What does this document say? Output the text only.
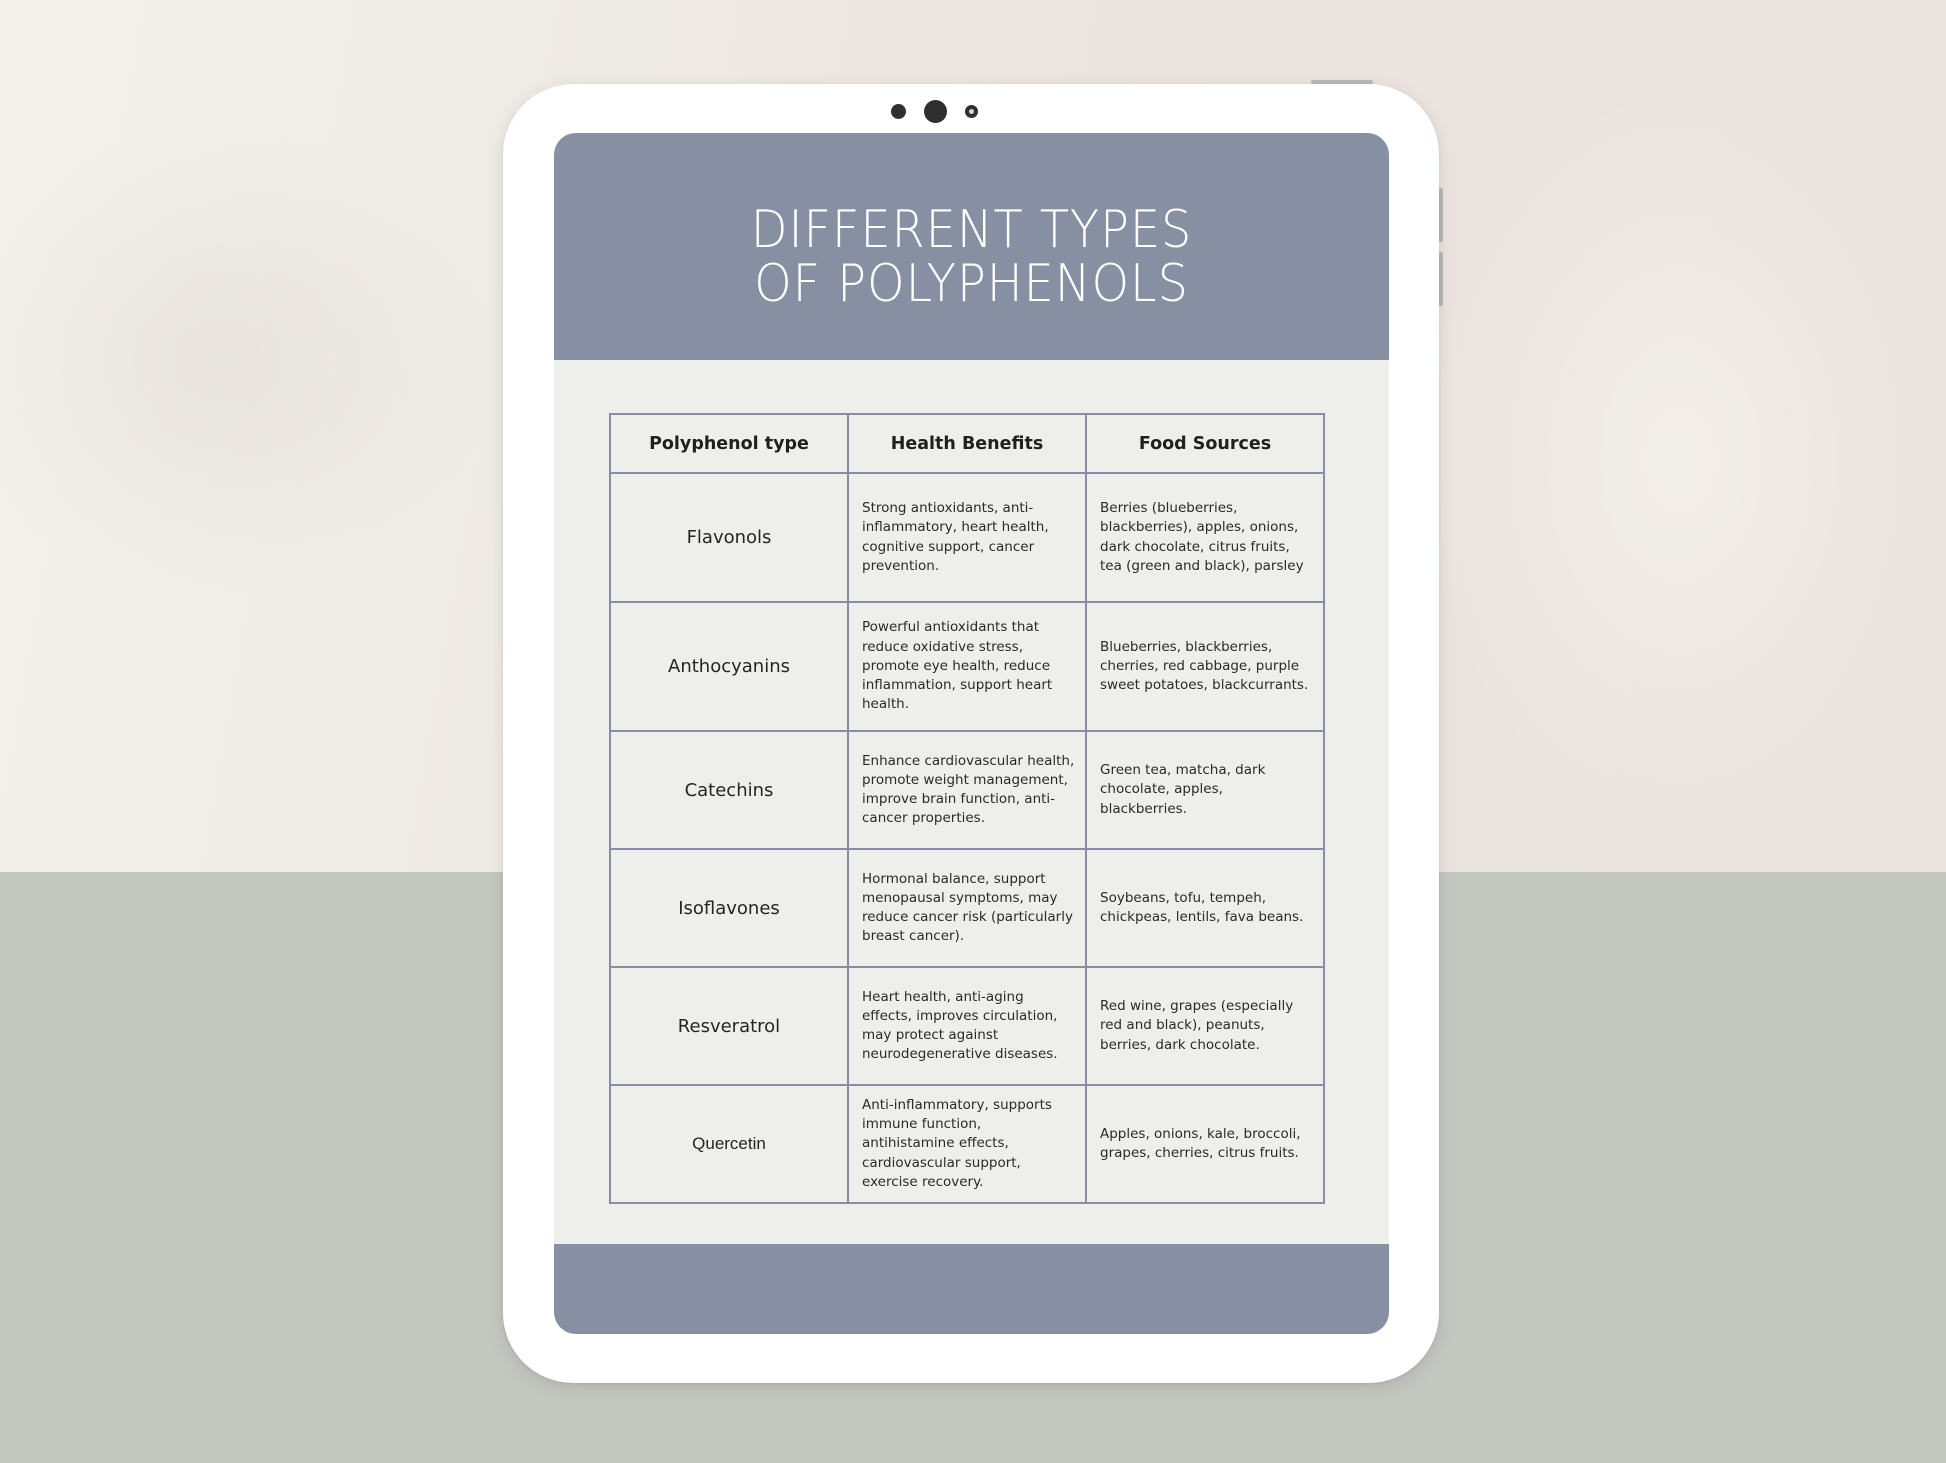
DIFFERENT TYPES
OF POLYPHENOLS
Polyphenol type	Health Benefits	Food Sources
Flavonols	Strong antioxidants, anti-inflammatory, heart health, cognitive support, cancer prevention.	Berries (blueberries, blackberries), apples, onions, dark chocolate, citrus fruits, tea (green and black), parsley
Anthocyanins	Powerful antioxidants that reduce oxidative stress, promote eye health, reduce inflammation, support heart health.	Blueberries, blackberries, cherries, red cabbage, purple sweet potatoes, blackcurrants.
Catechins	Enhance cardiovascular health, promote weight management, improve brain function, anti-cancer properties.	Green tea, matcha, dark chocolate, apples, blackberries.
Isoflavones	Hormonal balance, support menopausal symptoms, may reduce cancer risk (particularly breast cancer).	Soybeans, tofu, tempeh, chickpeas, lentils, fava beans.
Resveratrol	Heart health, anti-aging effects, improves circulation, may protect against neurodegenerative diseases.	Red wine, grapes (especially red and black), peanuts, berries, dark chocolate.
Quercetin	Anti-inflammatory, supports immune function, antihistamine effects, cardiovascular support, exercise recovery.	Apples, onions, kale, broccoli, grapes, cherries, citrus fruits.
